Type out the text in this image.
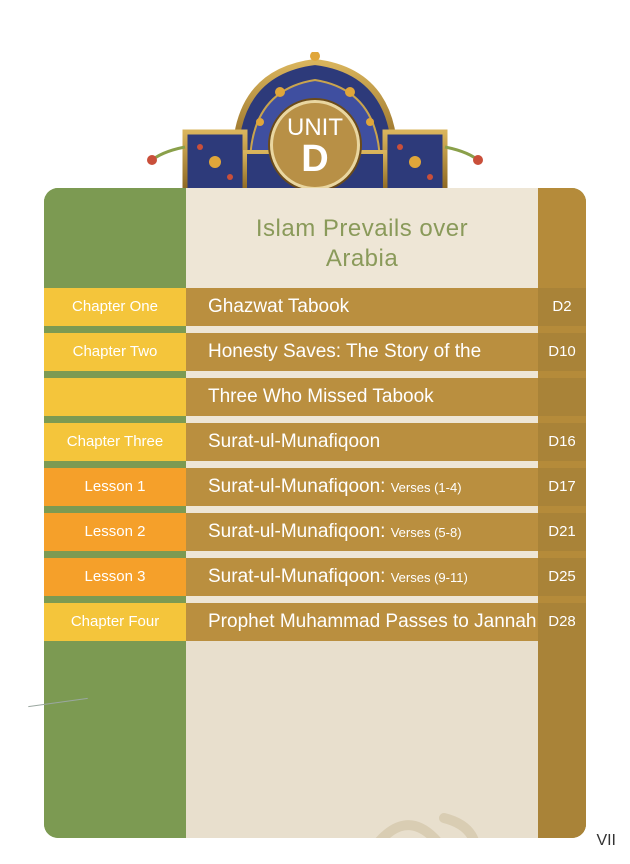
UNIT
D
Islam Prevails over
Arabia
Chapter One	Ghazwat Tabook	D2
Chapter Two	Honesty Saves: The Story of the	D10
Three Who Missed Tabook
Chapter Three	Surat-ul-Munafiqoon	D16
Lesson 1	Surat-ul-Munafiqoon: Verses (1-4)	D17
Lesson 2	Surat-ul-Munafiqoon: Verses (5-8)	D21
Lesson 3	Surat-ul-Munafiqoon: Verses (9-11)	D25
Chapter Four	Prophet Muhammad Passes to Jannah D28
VII
